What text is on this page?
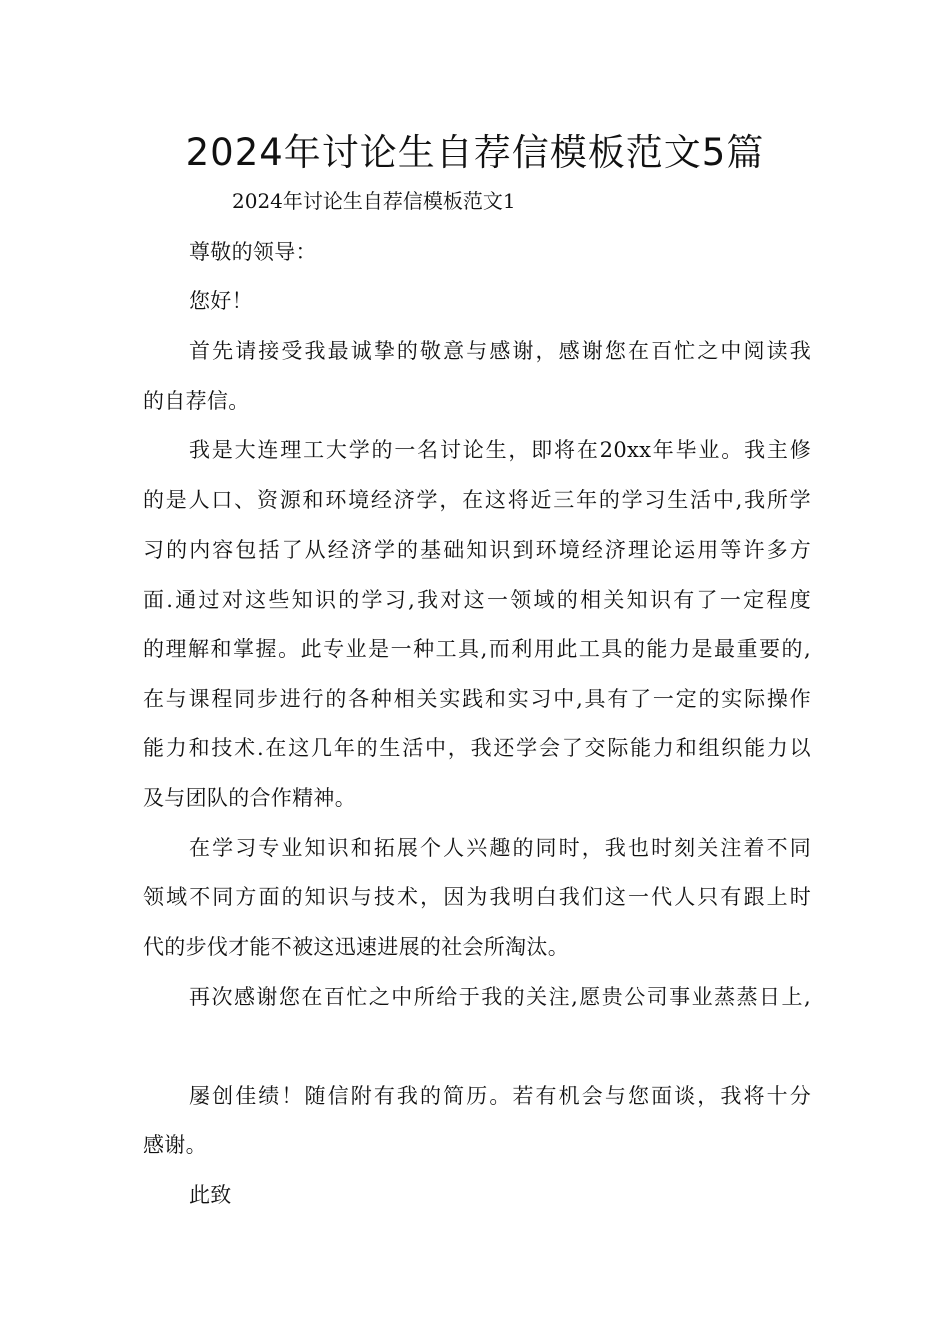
2024年讨论生自荐信模板范文5篇
2024年讨论生自荐信模板范文1
尊敬的领导：
您好！
首先请接受我最诚挚的敬意与感谢，感谢您在百忙之中阅读我
的自荐信。
我是大连理工大学的一名讨论生，即将在20xx年毕业。我主修
的是人口、资源和环境经济学，在这将近三年的学习生活中,我所学
习的内容包括了从经济学的基础知识到环境经济理论运用等许多方
面.通过对这些知识的学习,我对这一领域的相关知识有了一定程度
的理解和掌握。此专业是一种工具,而利用此工具的能力是最重要的,
在与课程同步进行的各种相关实践和实习中,具有了一定的实际操作
能力和技术.在这几年的生活中，我还学会了交际能力和组织能力以
及与团队的合作精神。
在学习专业知识和拓展个人兴趣的同时，我也时刻关注着不同
领域不同方面的知识与技术，因为我明白我们这一代人只有跟上时
代的步伐才能不被这迅速进展的社会所淘汰。
再次感谢您在百忙之中所给于我的关注,愿贵公司事业蒸蒸日上,
屡创佳绩！随信附有我的简历。若有机会与您面谈，我将十分
感谢。
此致
